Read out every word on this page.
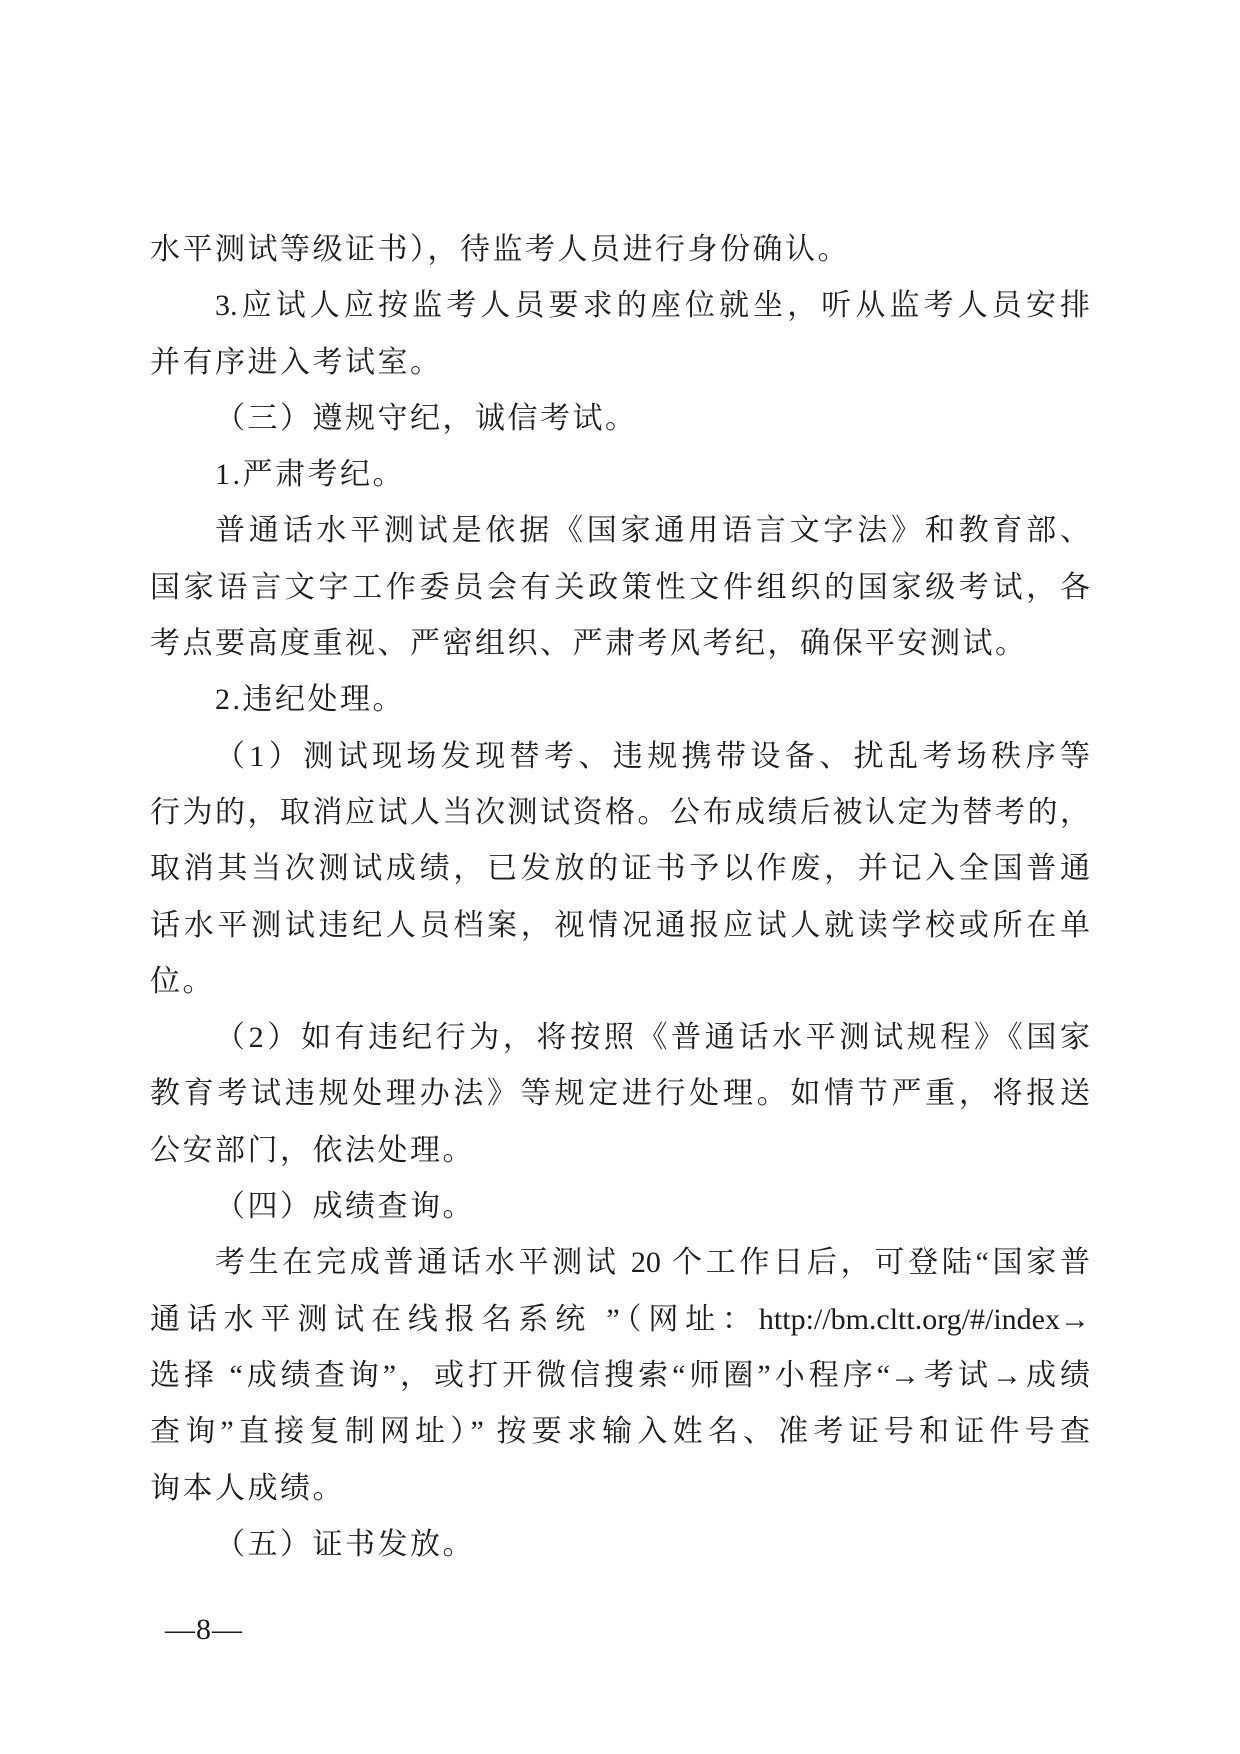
水平测试等级证书），待监考人员进行身份确认。

3.应试人应按监考人员要求的座位就坐，听从监考人员安排

并有序进入考试室。

（三）遵规守纪，诚信考试。

1.严肃考纪。

普通话水平测试是依据《国家通用语言文字法》和教育部、

国家语言文字工作委员会有关政策性文件组织的国家级考试，各

考点要高度重视、严密组织、严肃考风考纪，确保平安测试。

2.违纪处理。

（1）测试现场发现替考、违规携带设备、扰乱考场秩序等

行为的，取消应试人当次测试资格。公布成绩后被认定为替考的，

取消其当次测试成绩，已发放的证书予以作废，并记入全国普通

话水平测试违纪人员档案，视情况通报应试人就读学校或所在单

位。

（2）如有违纪行为，将按照《普通话水平测试规程》《国家

教育考试违规处理办法》等规定进行处理。如情节严重，将报送

公安部门，依法处理。

（四）成绩查询。

考生在完成普通话水平测试 20 个工作日后，可登陆“国家普

通话水平测试在线报名系统 ”（网址：http://bm.cltt.org/#/index→

选择 “成绩查询”，或打开微信搜索“师圈”小程序“→考试→成绩

查询”直接复制网址）” 按要求输入姓名、准考证号和证件号查

询本人成绩。

（五）证书发放。

—8—
